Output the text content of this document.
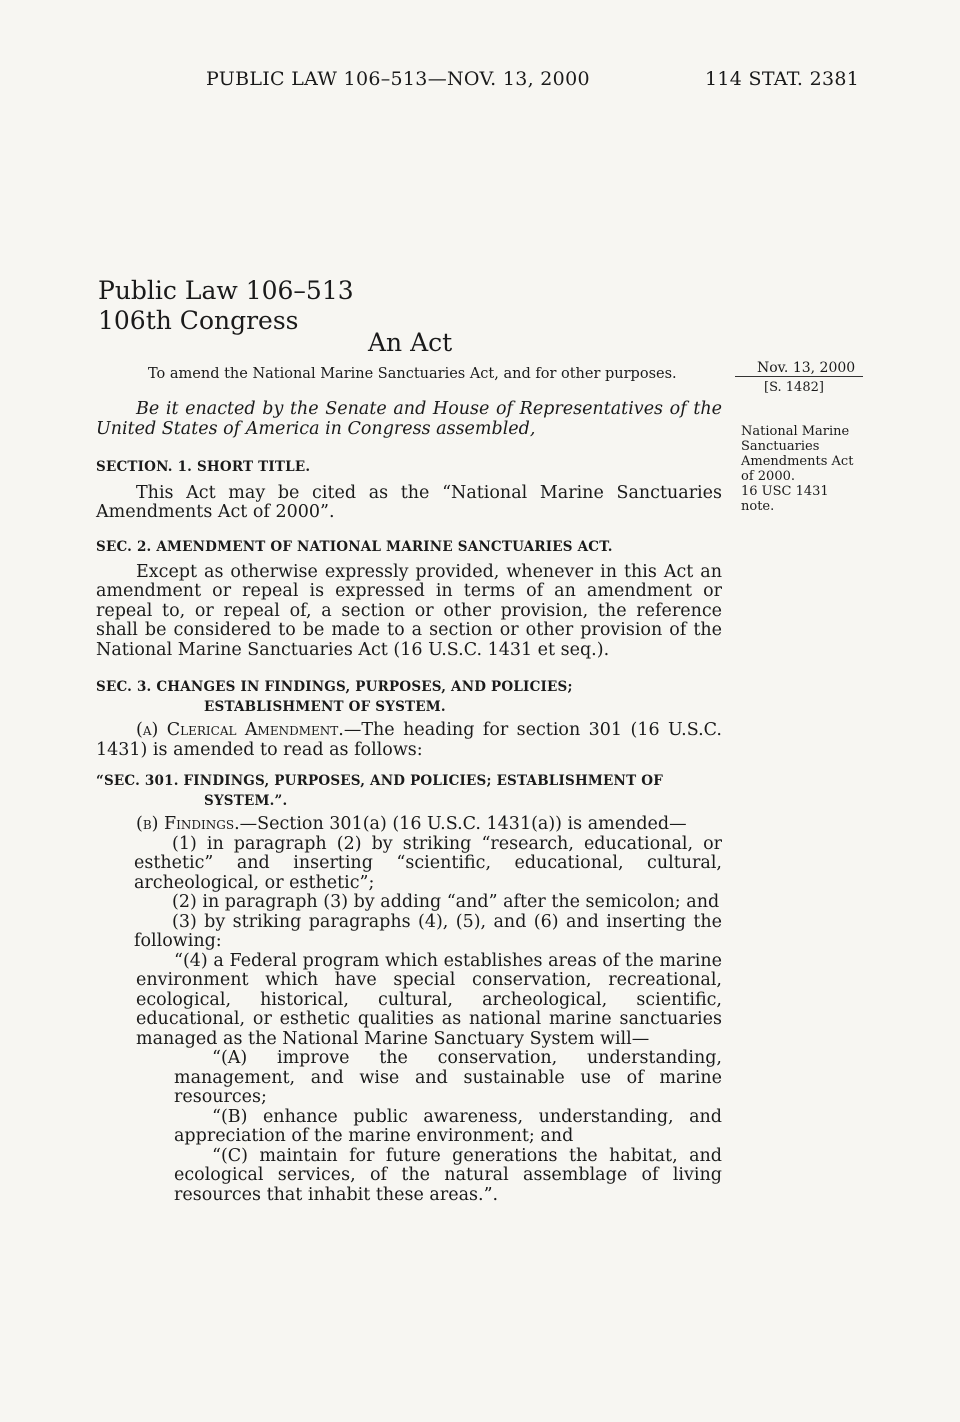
PUBLIC LAW 106–513—NOV. 13, 2000	114 STAT. 2381
Public Law 106–513
106th Congress
An Act
To amend the National Marine Sanctuaries Act, and for other purposes.	Nov. 13, 2000
[S. 1482]
National Marine
Sanctuaries
Amendments Act
of 2000.
16 USC 1431
note.

Be it enacted by the Senate and House of Representatives of the United States of America in Congress assembled,

SECTION. 1. SHORT TITLE.

This Act may be cited as the “National Marine Sanctuaries Amendments Act of 2000”.

SEC. 2. AMENDMENT OF NATIONAL MARINE SANCTUARIES ACT.

Except as otherwise expressly provided, whenever in this Act an amendment or repeal is expressed in terms of an amendment or repeal to, or repeal of, a section or other provision, the reference shall be considered to be made to a section or other provision of the National Marine Sanctuaries Act (16 U.S.C. 1431 et seq.).

SEC. 3. CHANGES IN FINDINGS, PURPOSES, AND POLICIES;
ESTABLISHMENT OF SYSTEM.

(a) Clerical Amendment.—The heading for section 301 (16 U.S.C. 1431) is amended to read as follows:

“SEC. 301. FINDINGS, PURPOSES, AND POLICIES; ESTABLISHMENT OF
SYSTEM.”.

(b) Findings.—Section 301(a) (16 U.S.C. 1431(a)) is amended—

(1) in paragraph (2) by striking “research, educational, or esthetic” and inserting “scientific, educational, cultural, archeological, or esthetic”;

(2) in paragraph (3) by adding “and” after the semicolon; and

(3) by striking paragraphs (4), (5), and (6) and inserting the following:

“(4) a Federal program which establishes areas of the marine environment which have special conservation, recreational, ecological, historical, cultural, archeological, scientific, educational, or esthetic qualities as national marine sanctuaries managed as the National Marine Sanctuary System will—

“(A) improve the conservation, understanding, management, and wise and sustainable use of marine resources;

“(B) enhance public awareness, understanding, and appreciation of the marine environment; and

“(C) maintain for future generations the habitat, and ecological services, of the natural assemblage of living resources that inhabit these areas.”.
